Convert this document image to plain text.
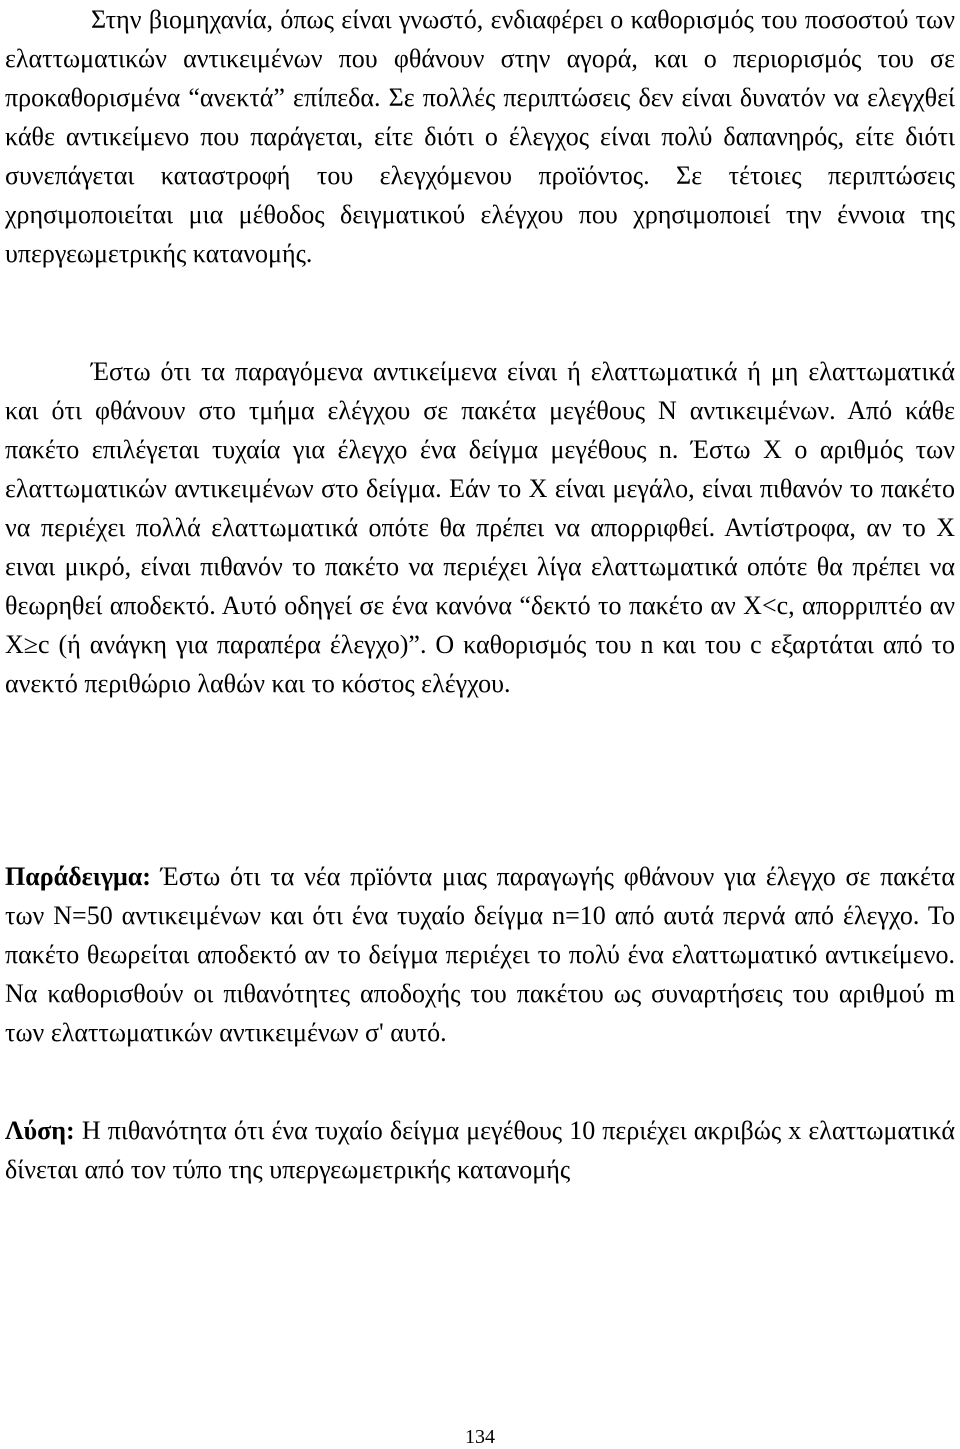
Στην βιομηχανία, όπως είναι γνωστό, ενδιαφέρει ο καθορισμός του ποσοστού των ελαττωματικών αντικειμένων που φθάνουν στην αγορά, και ο περιορισμός του σε προκαθορισμένα “ανεκτά” επίπεδα. Σε πολλές περιπτώσεις δεν είναι δυνατόν να ελεγχθεί κάθε αντικείμενο που παράγεται, είτε διότι ο έλεγχος είναι πολύ δαπανηρός, είτε διότι συνεπάγεται καταστροφή του ελεγχόμενου προϊόντος. Σε τέτοιες περιπτώσεις χρησιμοποιείται μια μέθοδος δειγματικού ελέγχου που χρησιμοποιεί την έννοια της υπεργεωμετρικής κατανομής.

Έστω ότι τα παραγόμενα αντικείμενα είναι ή ελαττωματικά ή μη ελαττωματικά και ότι φθάνουν στο τμήμα ελέγχου σε πακέτα μεγέθους N αντικειμένων. Από κάθε πακέτο επιλέγεται τυχαία για έλεγχο ένα δείγμα μεγέθους n. Έστω X ο αριθμός των ελαττωματικών αντικειμένων στο δείγμα. Εάν το X είναι μεγάλο, είναι πιθανόν το πακέτο να περιέχει πολλά ελαττωματικά οπότε θα πρέπει να απορριφθεί. Αντίστροφα, αν το X ειναι μικρό, είναι πιθανόν το πακέτο να περιέχει λίγα ελαττωματικά οπότε θα πρέπει να θεωρηθεί αποδεκτό. Αυτό οδηγεί σε ένα κανόνα “δεκτό το πακέτο αν X<c, απορριπτέο αν X≥c (ή ανάγκη για παραπέρα έλεγχο)”. O καθορισμός του n και του c εξαρτάται από το ανεκτό περιθώριο λαθών και το κόστος ελέγχου.

Παράδειγμα: Έστω ότι τα νέα πρïόντα μιας παραγωγής φθάνουν για έλεγχο σε πακέτα των N=50 αντικειμένων και ότι ένα τυχαίο δείγμα n=10 από αυτά περνά από έλεγχο. Το πακέτο θεωρείται αποδεκτό αν το δείγμα περιέχει το πολύ ένα ελαττωματικό αντικείμενο. Να καθορισθούν οι πιθανότητες αποδοχής του πακέτου ως συναρτήσεις του αριθμού m των ελαττωματικών αντικειμένων σ' αυτό.

Λύση: Η πιθανότητα ότι ένα τυχαίο δείγμα μεγέθους 10 περιέχει ακριβώς x ελαττωματικά δίνεται από τον τύπο της υπεργεωμετρικής κατανομής

134
